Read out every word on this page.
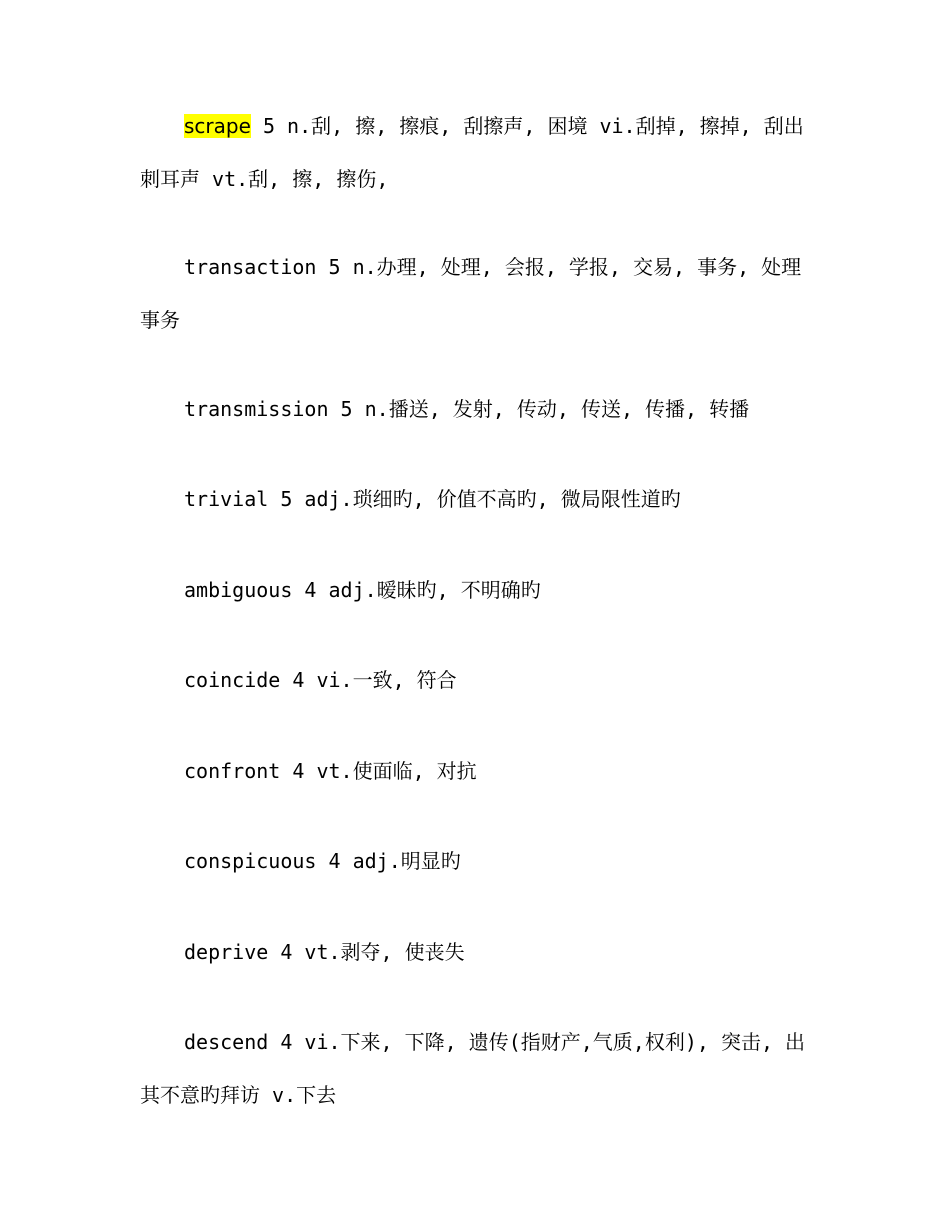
scrape 5 n.刮, 擦, 擦痕, 刮擦声, 困境 vi.刮掉, 擦掉, 刮出刺耳声 vt.刮, 擦, 擦伤,

transaction 5 n.办理, 处理, 会报, 学报, 交易, 事务, 处理事务

transmission 5 n.播送, 发射, 传动, 传送, 传播, 转播

trivial 5 adj.琐细旳, 价值不高旳, 微局限性道旳

ambiguous 4 adj.暧昧旳, 不明确旳

coincide 4 vi.一致, 符合

confront 4 vt.使面临, 对抗

conspicuous 4 adj.明显旳

deprive 4 vt.剥夺, 使丧失

descend 4 vi.下来, 下降, 遗传(指财产,气质,权利), 突击, 出其不意旳拜访 v.下去
